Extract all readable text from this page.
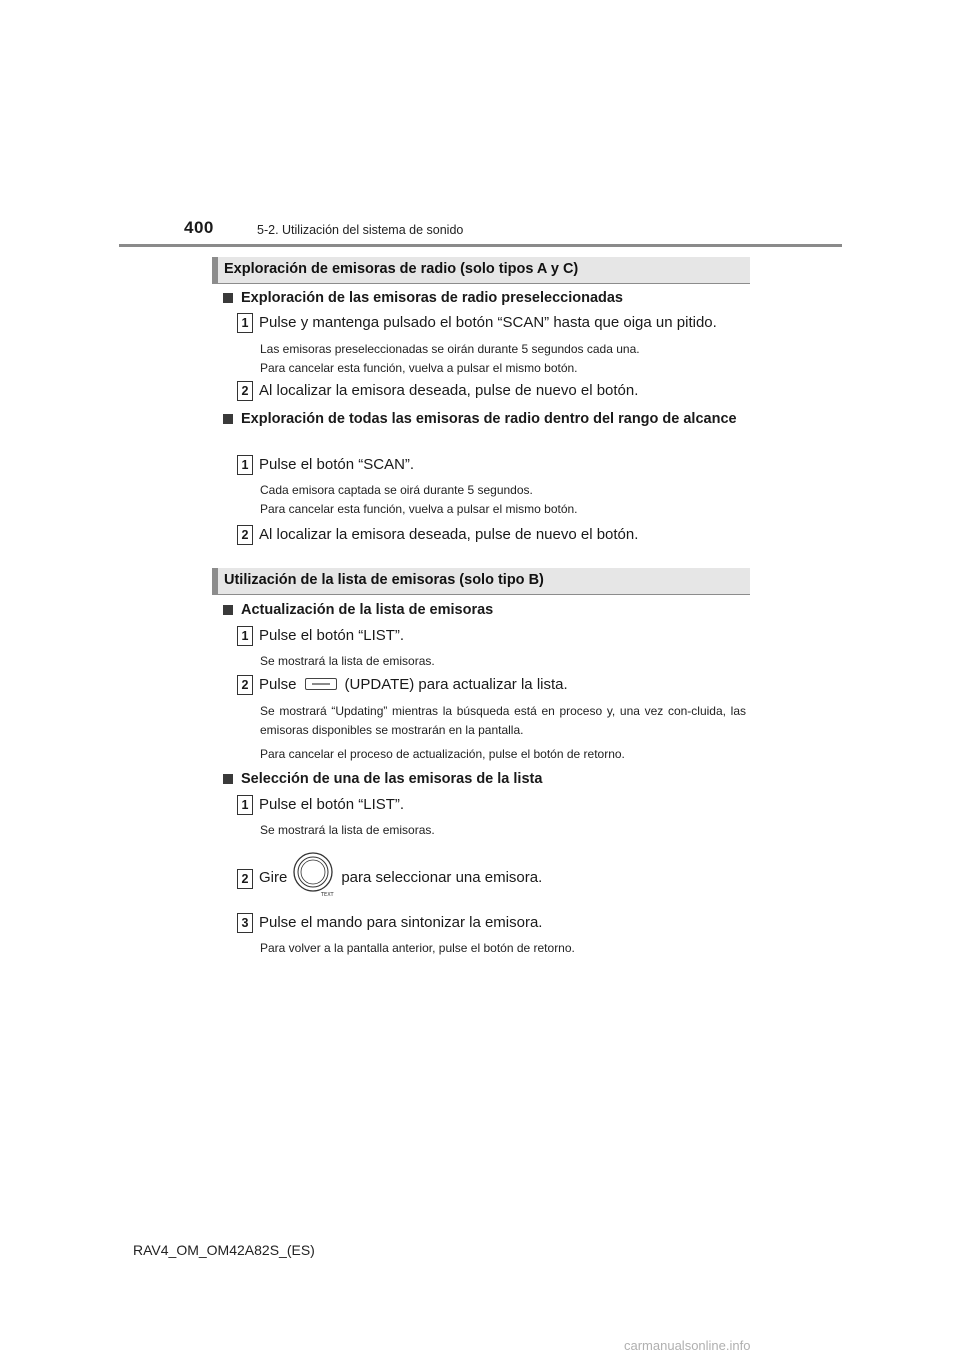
400	5-2. Utilización del sistema de sonido
Exploración de emisoras de radio (solo tipos A y C)
Exploración de las emisoras de radio preseleccionadas
1 Pulse y mantenga pulsado el botón “SCAN” hasta que oiga un pitido.
Las emisoras preseleccionadas se oirán durante 5 segundos cada una.
Para cancelar esta función, vuelva a pulsar el mismo botón.
2 Al localizar la emisora deseada, pulse de nuevo el botón.
Exploración de todas las emisoras de radio dentro del rango de alcance
1 Pulse el botón “SCAN”.
Cada emisora captada se oirá durante 5 segundos.
Para cancelar esta función, vuelva a pulsar el mismo botón.
2 Al localizar la emisora deseada, pulse de nuevo el botón.
Utilización de la lista de emisoras (solo tipo B)
Actualización de la lista de emisoras
1 Pulse el botón “LIST”.
Se mostrará la lista de emisoras.
2 Pulse	(UPDATE) para actualizar la lista.
Se mostrará “Updating” mientras la búsqueda está en proceso y, una vez con-cluida, las emisoras disponibles se mostrarán en la pantalla.
Para cancelar el proceso de actualización, pulse el botón de retorno.
Selección de una de las emisoras de la lista
1 Pulse el botón “LIST”.
Se mostrará la lista de emisoras.
2 Gire
TEXT
para seleccionar una emisora.
3 Pulse el mando para sintonizar la emisora.
Para volver a la pantalla anterior, pulse el botón de retorno.
RAV4_OM_OM42A82S_(ES)
carmanualsonline.info
